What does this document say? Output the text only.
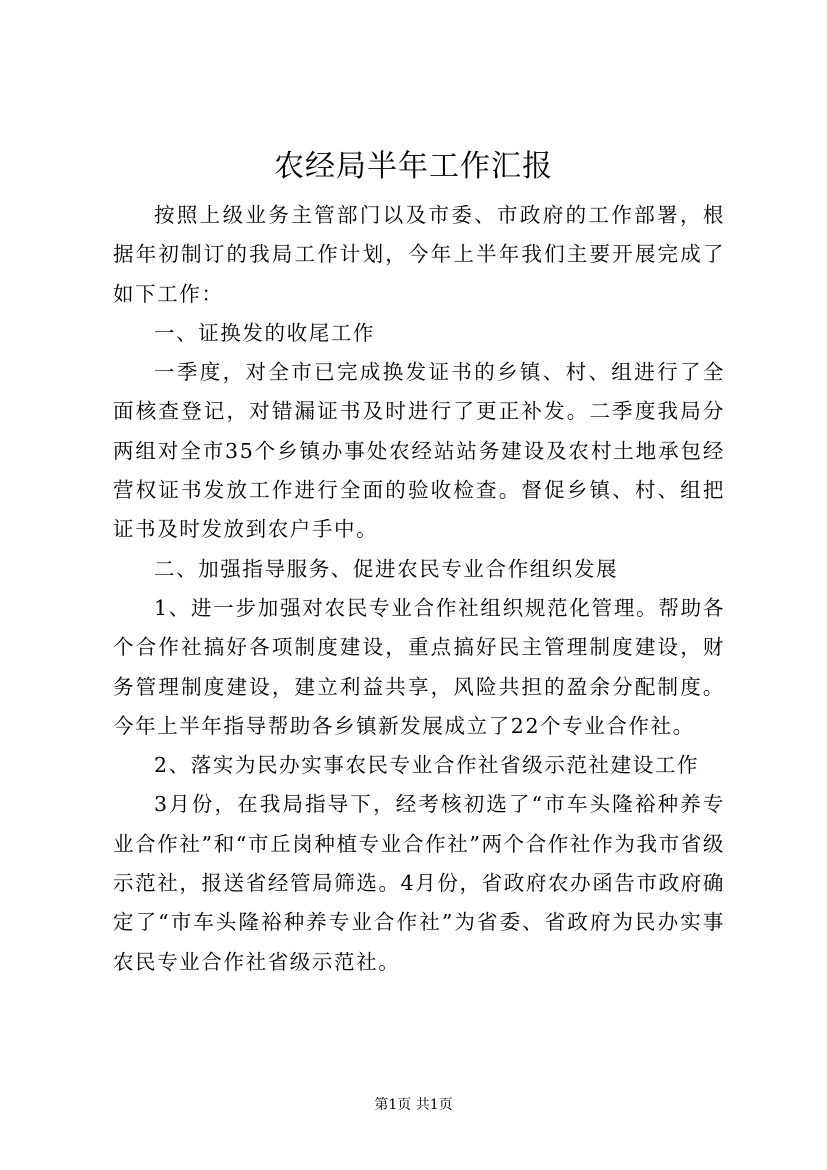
农经局半年工作汇报

按照上级业务主管部门以及市委、市政府的工作部署，根据年初制订的我局工作计划，今年上半年我们主要开展完成了如下工作：

一、证换发的收尾工作

一季度，对全市已完成换发证书的乡镇、村、组进行了全面核查登记，对错漏证书及时进行了更正补发。二季度我局分两组对全市35个乡镇办事处农经站站务建设及农村土地承包经营权证书发放工作进行全面的验收检查。督促乡镇、村、组把证书及时发放到农户手中。

二、加强指导服务、促进农民专业合作组织发展

1、进一步加强对农民专业合作社组织规范化管理。帮助各个合作社搞好各项制度建设，重点搞好民主管理制度建设，财务管理制度建设，建立利益共享，风险共担的盈余分配制度。今年上半年指导帮助各乡镇新发展成立了22个专业合作社。

2、落实为民办实事农民专业合作社省级示范社建设工作

3月份，在我局指导下，经考核初选了“市车头隆裕种养专业合作社”和“市丘岗种植专业合作社”两个合作社作为我市省级示范社，报送省经管局筛选。4月份，省政府农办函告市政府确定了“市车头隆裕种养专业合作社”为省委、省政府为民办实事农民专业合作社省级示范社。

第1页 共1页
